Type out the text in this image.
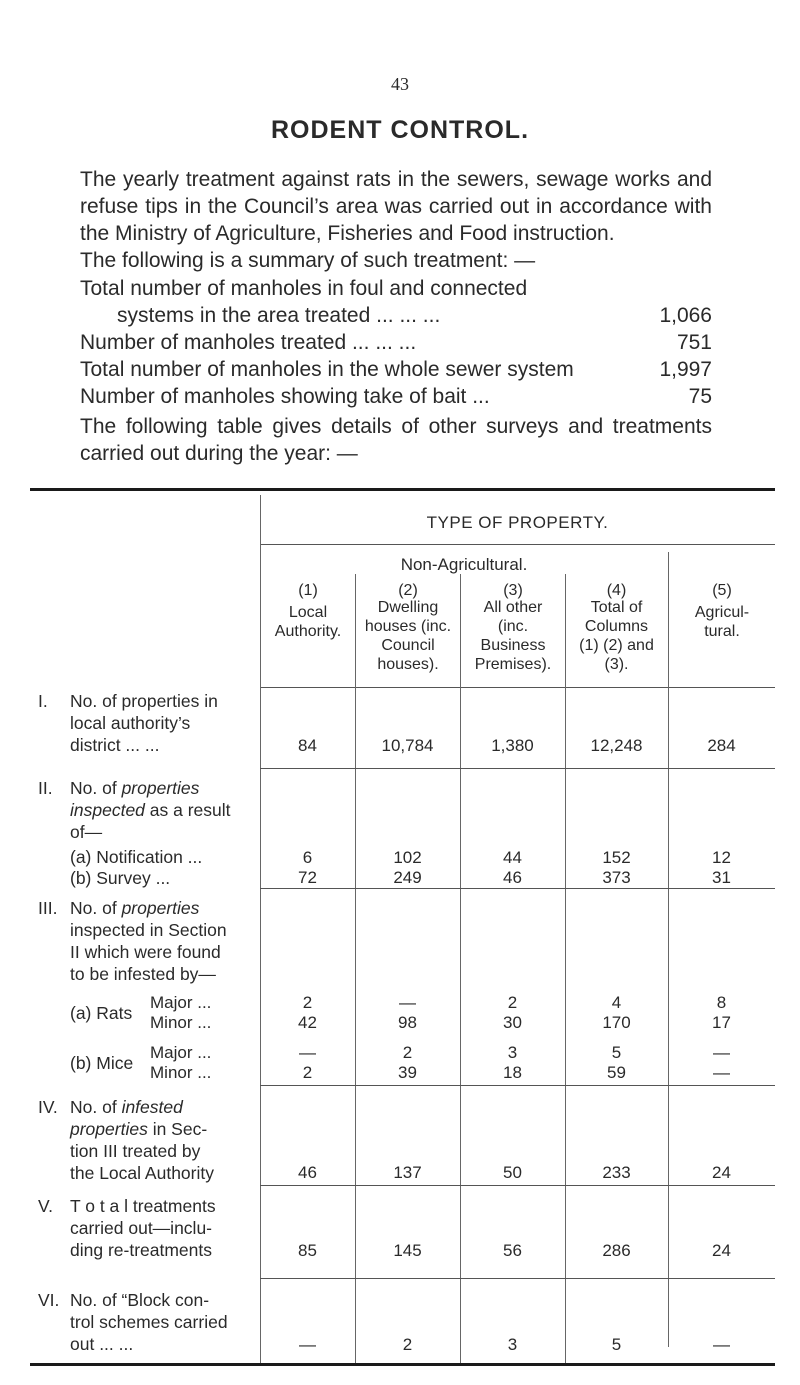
43
RODENT CONTROL.
The yearly treatment against rats in the sewers, sewage works and refuse tips in the Council’s area was carried out in accordance with the Ministry of Agriculture, Fisheries and Food instruction.
The following is a summary of such treatment: —
Total number of manholes in foul and connected
systems in the area treated ... ... ...	1,066
Number of manholes treated ... ... ...	751
Total number of manholes in the whole sewer system	1,997
Number of manholes showing take of bait ...	75
The following table gives details of other surveys and treatments carried out during the year: —
TYPE OF PROPERTY.
Non-Agricultural.
(1)
Local
Authority.
(2)
Dwelling
houses (inc.
Council
houses).
(3)
All other
(inc.
Business
Premises).
(4)
Total of
Columns
(1) (2) and
(3).
(5)
Agricul-
tural.
I. No. of properties in
local authority’s
district ... ...	84	10,784	1,380	12,248	284
II. No. of properties
inspected as a result
of—
(a) Notification ...
(b) Survey ...
6	102	44	152	12
72	249	46	373	31
III. No. of properties
inspected in Section
II which were found
to be infested by—
(a) Rats
Major ...
Minor ...
(b) Mice
Major ...
Minor ...
2	—	2	4	8
42	98	30	170	17
—	2	3	5	—
2	39	18	59	—
IV. No. of infested
properties in Sec-
tion III treated by
the Local Authority	46	137	50	233	24
V. T o t a l treatments
carried out—inclu-
ding re-treatments	85	145	56	286	24
VI. No. of “Block con-
trol schemes carried
out ... ...	—	2	3	5	—
